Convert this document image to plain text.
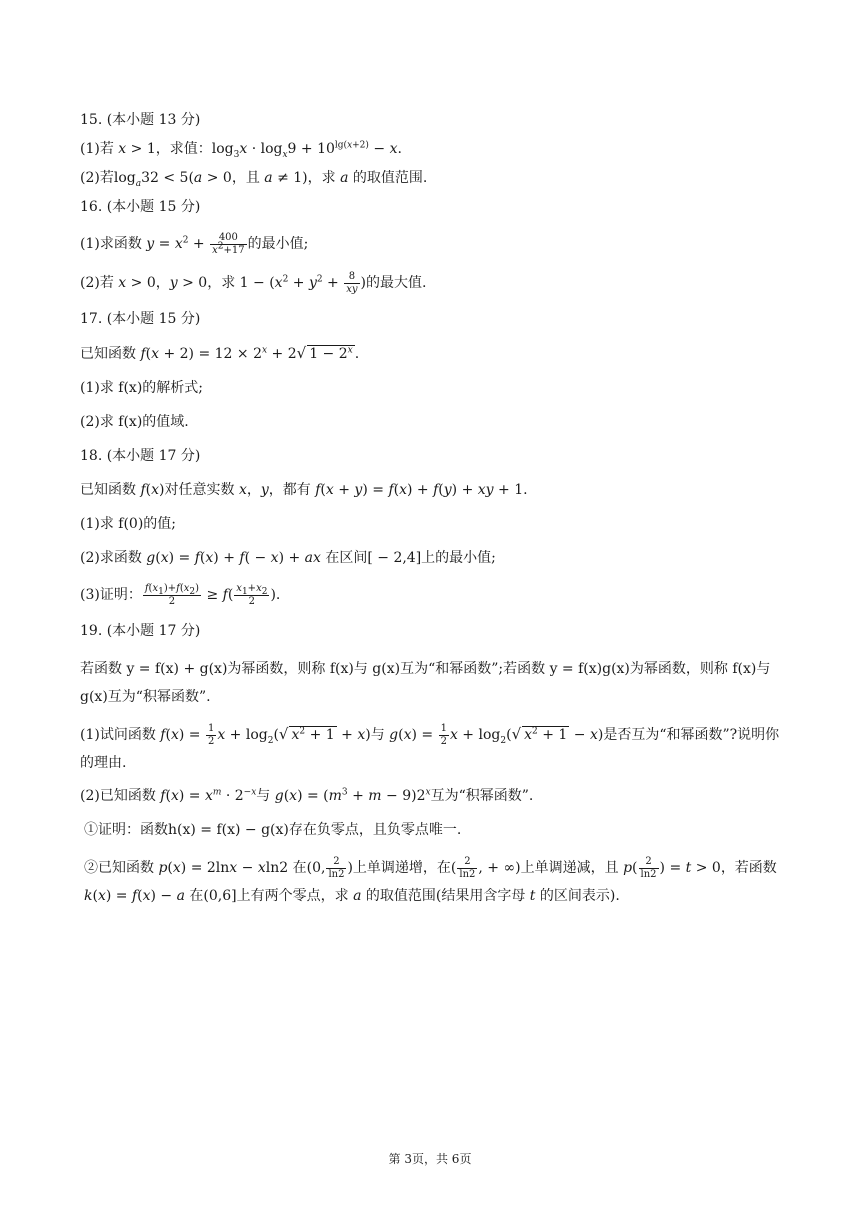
15. (本小题 13 分)
(1)若 x > 1，求值：$\log_3x \cdot \log_x9 + 10^{lg(x+2)} - x$.
(2)若$\log_a32 < 5(a > 0$，且 a ≠ 1)，求 a 的取值范围.
16. (本小题 15 分)
(1)求函数 $y = x^2 + \frac{400}{x^2+17}$ 的最小值;
(2)若 x > 0，y > 0，求 $1 - (x^2 + y^2 + \frac{8}{xy}$ )的最大值.
17. (本小题 15 分)
已知函数 $f(x + 2) = 12 \times 2^x + 2√$ $1 - 2^x$ .
(1)求 f(x)的解析式;
(2)求 f(x)的值域.
18. (本小题 17 分)
已知函数 f(x)对任意实数 x，y，都有 f(x + y) = f(x) + f(y) + xy + 1.
(1)求 f(0)的值;
(2)求函数 g(x) = f(x) + f( − x) + ax 在区间[ − 2,4]上的最小值;
(3)证明： $\frac{f(x_1)+f(x_2)}{2} \ge f( \frac{x_1+x_2}{2}$ ).
19. (本小题 17 分)
若函数 y = f(x) + g(x)为幂函数，则称 f(x)与 g(x)互为“和幂函数”;若函数 y = f(x)g(x)为幂函数，则称 f(x)与 g(x)互为“积幂函数”.
(1)试问函数 $f(x) = \frac{1}{2}$ $x + \log_2(√$ $x^2 + 1 + x$)与 $g(x) = \frac{1}{2}$ $x + \log_2(√$ $x^2 + 1 - x$)是否互为“和幂函数”?说明你的理由.
(2)已知函数 $f(x) = x^m \cdot 2^{-x}$与 $g(x) = (m^3 + m - 9)2^x$互为“积幂函数”.
①证明：函数h(x) = f(x) − g(x)存在负零点，且负零点唯一.
②已知函数 p(x) = 2lnx − xln2 在(0, $\frac{2}{\ln 2}$ )上单调递增，在( $\frac{2}{\ln 2}$ , + ∞)上单调递减，且 $p( \frac{2}{\ln 2}$ ) = t > 0，若函数 k(x) = f(x) − a 在(0,6]上有两个零点，求 a 的取值范围(结果用含字母 t 的区间表示).
第 3页，共 6页
